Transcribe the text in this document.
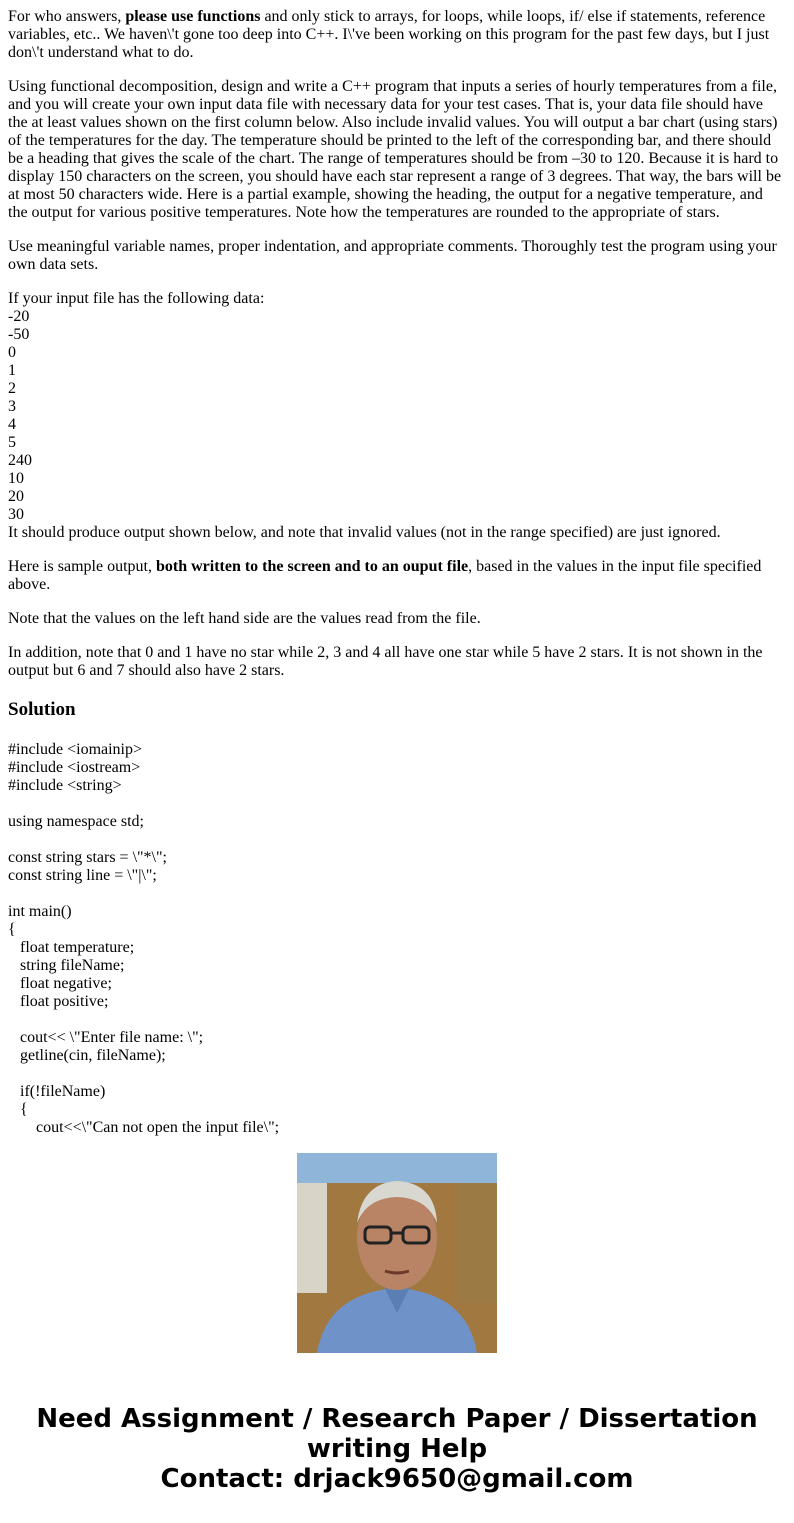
For who answers, please use functions and only stick to arrays, for loops, while loops, if/ else if statements, reference variables, etc.. We haven\'t gone too deep into C++. I\'ve been working on this program for the past few days, but I just don\'t understand what to do.

Using functional decomposition, design and write a C++ program that inputs a series of hourly temperatures from a file, and you will create your own input data file with necessary data for your test cases. That is, your data file should have the at least values shown on the first column below. Also include invalid values. You will output a bar chart (using stars) of the temperatures for the day. The temperature should be printed to the left of the corresponding bar, and there should be a heading that gives the scale of the chart. The range of temperatures should be from –30 to 120. Because it is hard to display 150 characters on the screen, you should have each star represent a range of 3 degrees. That way, the bars will be at most 50 characters wide. Here is a partial example, showing the heading, the output for a negative temperature, and the output for various positive temperatures. Note how the temperatures are rounded to the appropriate of stars.

Use meaningful variable names, proper indentation, and appropriate comments. Thoroughly test the program using your own data sets.

If your input file has the following data:
-20
-50
0
1
2
3
4
5
240
10
20
30
It should produce output shown below, and note that invalid values (not in the range specified) are just ignored.

Here is sample output, both written to the screen and to an ouput file, based in the values in the input file specified above.

Note that the values on the left hand side are the values read from the file.

In addition, note that 0 and 1 have no star while 2, 3 and 4 all have one star while 5 have 2 stars. It is not shown in the output but 6 and 7 should also have 2 stars.

Solution
#include <iomainip>
#include <iostream>
#include <string>
using namespace std;
const string stars = \"*\";
const string line = \"|\";
int main()
{
float temperature;
string fileName;
float negative;
float positive;
cout<< \"Enter file name: \";
getline(cin, fileName);
if(!fileName)
{
cout<<\"Can not open the input file\";
Need Assignment / Research Paper / Dissertation
writing Help
Contact: drjack9650@gmail.com
